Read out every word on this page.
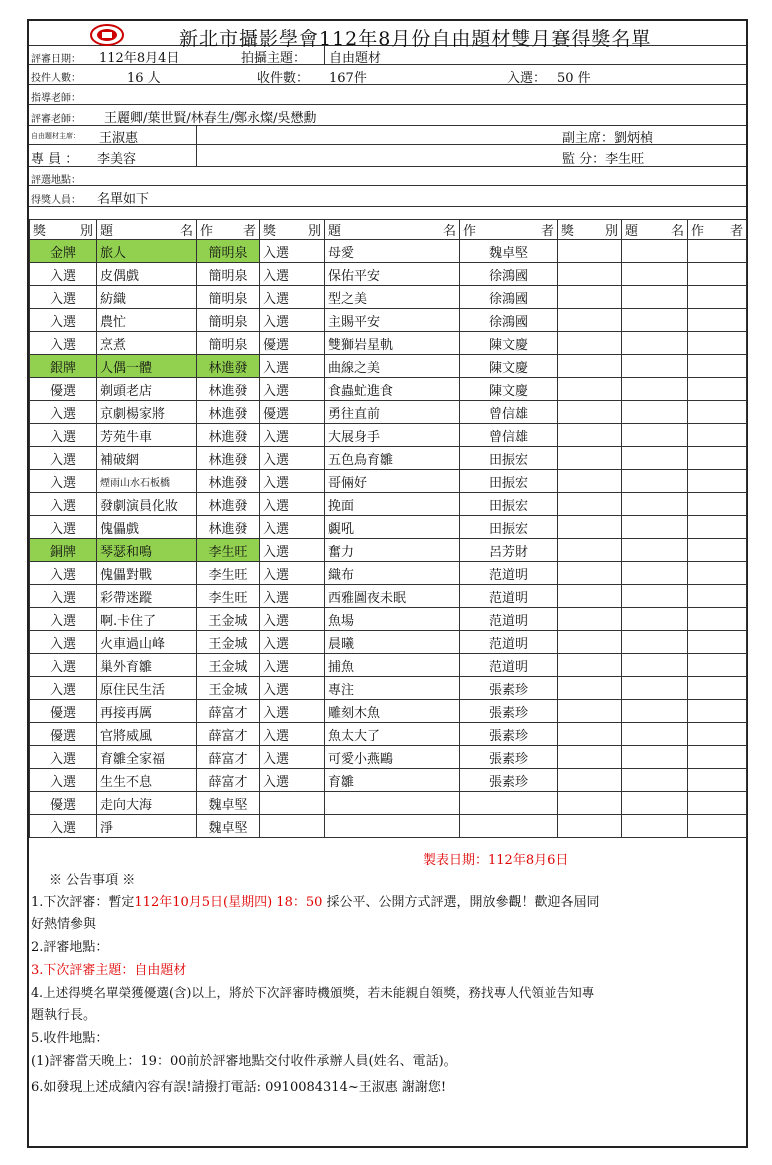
新北市攝影學會112年8月份自由題材雙月賽得獎名單
評審日期： 112年8月4日	拍攝主題： 自由題材
投件人數：	16 人	收件數： 167件	入選： 50 件
指導老師：
評審老師： 王麗卿/葉世賢/林春生/鄭永燦/吳懋勳
自由題材主席： 王淑惠	副主席：劉炳楨
專 員 ： 李美容	監 分：李生旺
評選地點：
得獎人員： 名單如下
獎 別	題 名	作 者	獎 別	題 名	作 者	獎 別	題 名	作 者

金牌	旅人	簡明泉	入選	母愛	魏卓堅			
入選	皮偶戲	簡明泉	入選	保佑平安	徐鴻國			
入選	紡織	簡明泉	入選	型之美	徐鴻國			
入選	農忙	簡明泉	入選	主賜平安	徐鴻國			
入選	烹煮	簡明泉	優選	雙獅岩星軌	陳文慶			
銀牌	人偶一體	林進發	入選	曲線之美	陳文慶			
優選	剃頭老店	林進發	入選	食蟲虻進食	陳文慶			
入選	京劇楊家將	林進發	優選	勇往直前	曾信雄			
入選	芳苑牛車	林進發	入選	大展身手	曾信雄			
入選	補破網	林進發	入選	五色鳥育雛	田振宏			
入選	煙雨山水石板橋	林進發	入選	哥倆好	田振宏			
入選	發劇演員化妝	林進發	入選	挽面	田振宏			
入選	傀儡戲	林進發	入選	覷吼	田振宏			
銅牌	琴瑟和鳴	李生旺	入選	奮力	呂芳財			
入選	傀儡對戰	李生旺	入選	織布	范道明			
入選	彩帶迷蹤	李生旺	入選	西雅圖夜未眠	范道明			
入選	啊.卡住了	王金城	入選	魚場	范道明			
入選	火車過山峰	王金城	入選	晨曦	范道明			
入選	巢外育雛	王金城	入選	捕魚	范道明			
入選	原住民生活	王金城	入選	專注	張素珍			
優選	再接再厲	薛富才	入選	雕刻木魚	張素珍			
優選	官將威風	薛富才	入選	魚太大了	張素珍			
入選	育雛全家福	薛富才	入選	可愛小燕鷗	張素珍			
入選	生生不息	薛富才	入選	育雛	張素珍			
優選	走向大海	魏卓堅						
入選	淨	魏卓堅						
製表日期：112年8月6日
※ 公告事項 ※
1.下次評審：暫定112年10月5日(星期四) 18：50 採公平、公開方式評選，開放參觀！歡迎各屆同
好熱情參與
2.評審地點：
3.下次評審主題：自由題材
4.上述得獎名單榮獲優選(含)以上，將於下次評審時機頒獎，若未能親自領獎，務找專人代領並告知專
題執行長。
5.收件地點：
(1)評審當天晚上：19：00前於評審地點交付收件承辦人員(姓名、電話)。
6.如發現上述成績內容有誤!請撥打電話: 0910084314~王淑惠 謝謝您!
